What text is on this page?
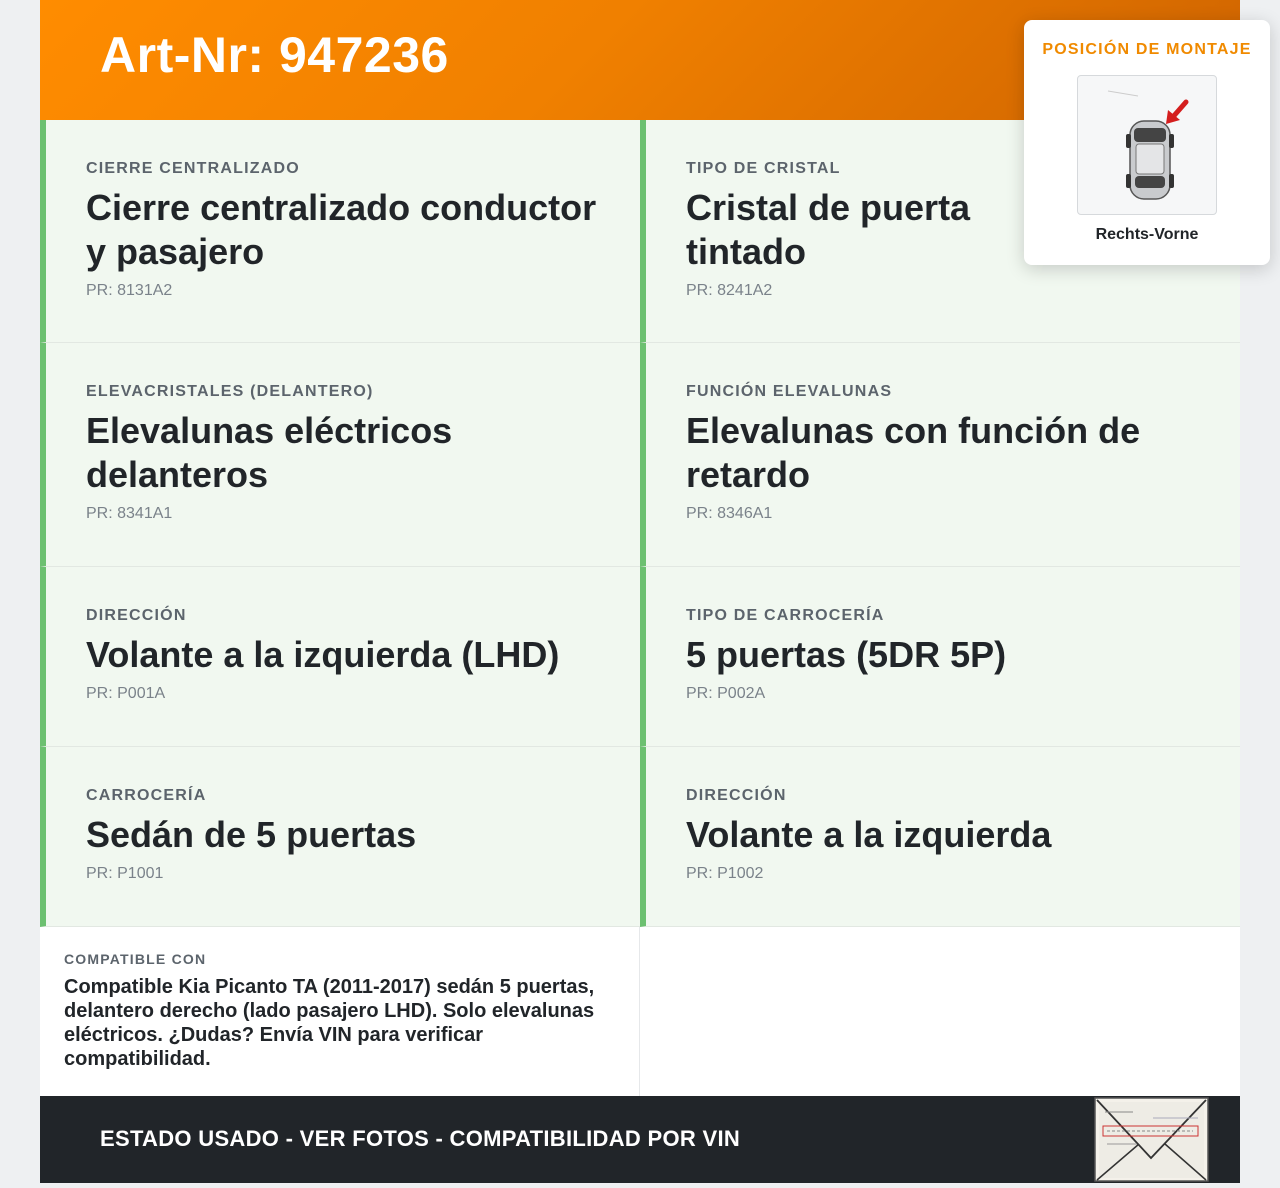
Art-Nr: 947236
CIERRE CENTRALIZADO
Cierre centralizado conductor y pasajero
PR: 8131A2
TIPO DE CRISTAL
Cristal de puerta tintado
PR: 8241A2
ELEVACRISTALES (DELANTERO)
Elevalunas eléctricos delanteros
PR: 8341A1
FUNCIÓN ELEVALUNAS
Elevalunas con función de retardo
PR: 8346A1
DIRECCIÓN
Volante a la izquierda (LHD)
PR: P001A
TIPO DE CARROCERÍA
5 puertas (5DR 5P)
PR: P002A
CARROCERÍA
Sedán de 5 puertas
PR: P1001
DIRECCIÓN
Volante a la izquierda
PR: P1002
COMPATIBLE CON
Compatible Kia Picanto TA (2011-2017) sedán 5 puertas, delantero derecho (lado pasajero LHD). Solo elevalunas eléctricos. ¿Dudas? Envía VIN para verificar compatibilidad.
ESTADO USADO - VER FOTOS - COMPATIBILIDAD POR VIN
POSICIÓN DE MONTAJE
Rechts-Vorne
